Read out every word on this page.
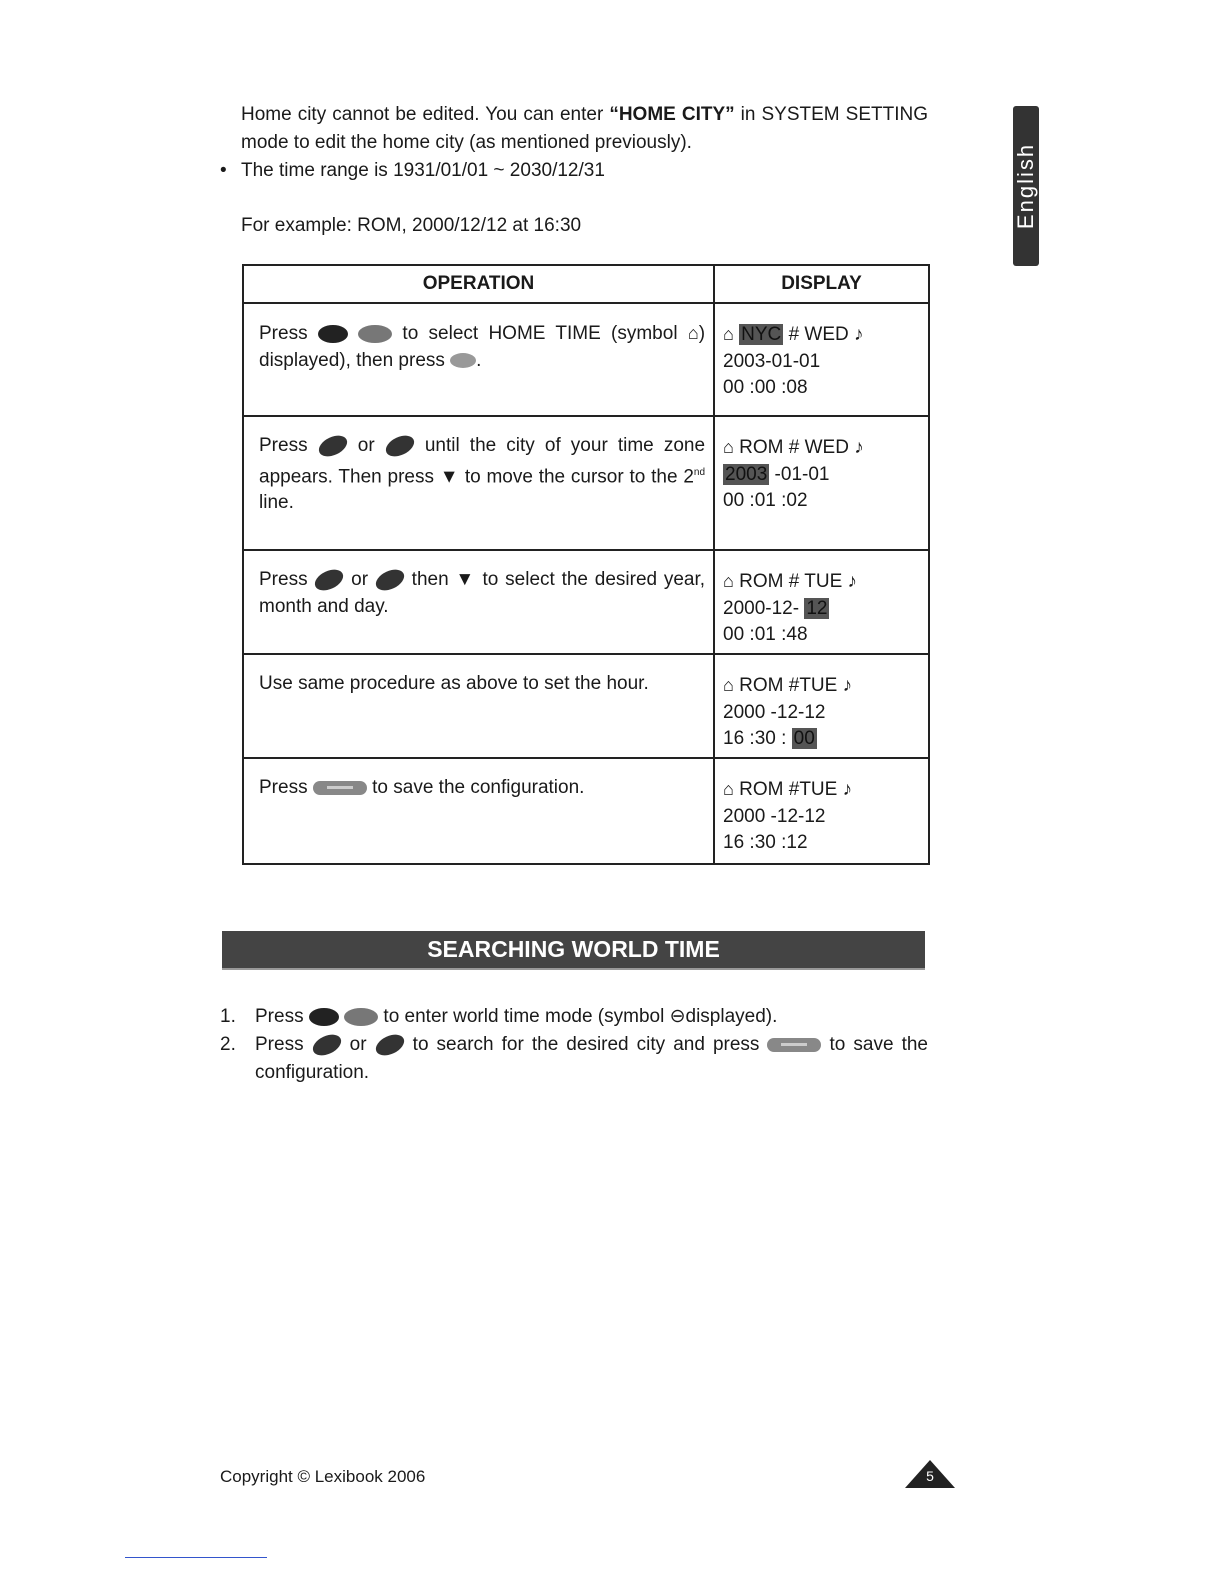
English
Home city cannot be edited. You can enter “HOME CITY” in SYSTEM SETTING mode to edit the home city (as mentioned previously).
• The time range is 1931/01/01 ~ 2030/12/31
For example: ROM, 2000/12/12 at 16:30
OPERATION	DISPLAY

Press to select HOME TIME (symbol ⌂) displayed), then press .	⌂ NYC # WED ♪
2003-01-01
00 :00 :08

Press or until the city of your time zone appears. Then press ▼ to move the cursor to the 2nd line.	⌂ ROM # WED ♪
2003 -01-01
00 :01 :02

Press or then ▼ to select the desired year, month and day.	⌂ ROM # TUE ♪
2000-12- 12
00 :01 :48

Use same procedure as above to set the hour.	⌂ ROM #TUE ♪
2000 -12-12
16 :30 : 00

Press to save the configuration.	⌂ ROM #TUE ♪
2000 -12-12
16 :30 :12
SEARCHING WORLD TIME
1. Press	to enter world time mode (symbol ⊖displayed).
2. Press or to search for the desired city and press	to save the configuration.
Copyright © Lexibook 2006	5
